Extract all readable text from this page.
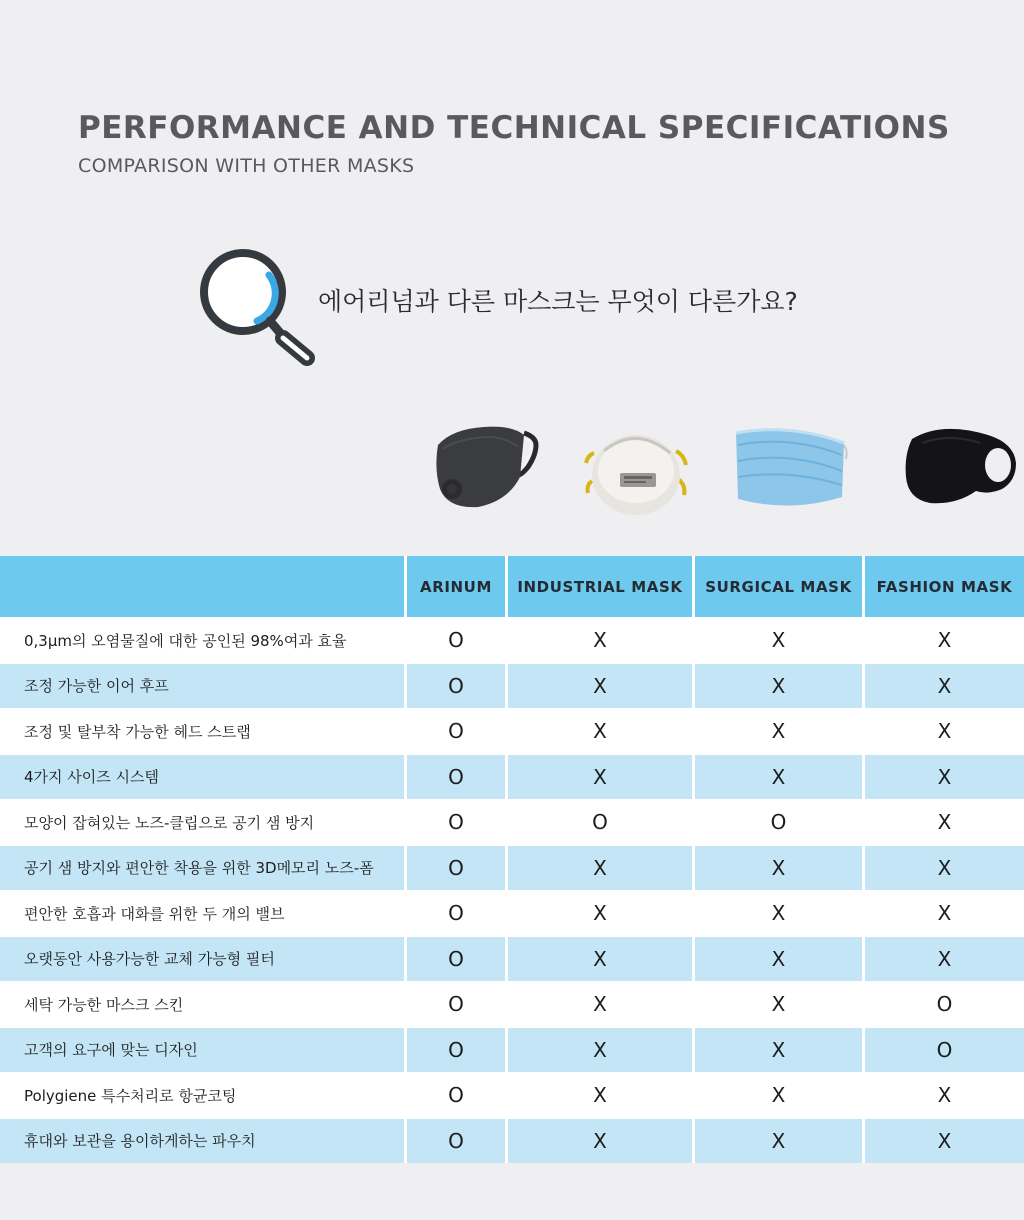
PERFORMANCE AND TECHNICAL SPECIFICATIONS

COMPARISON WITH OTHER MASKS

에어리넘과 다른 마스크는 무엇이 다른가요?
	ARINUM	INDUSTRIAL MASK	SURGICAL MASK	FASHION MASK
0,3μm의 오염물질에 대한 공인된 98%여과 효율	O	X	X	X
조정 가능한 이어 후프	O	X	X	X
조정 및 탈부착 가능한 헤드 스트랩	O	X	X	X
4가지 사이즈 시스템	O	X	X	X
모양이 잡혀있는 노즈-클립으로 공기 샘 방지	O	O	O	X
공기 샘 방지와 편안한 착용을 위한 3D메모리 노즈-폼	O	X	X	X
편안한 호흡과 대화를 위한 두 개의 밸브	O	X	X	X
오랫동안 사용가능한 교체 가능형 필터	O	X	X	X
세탁 가능한 마스크 스킨	O	X	X	O
고객의 요구에 맞는 디자인	O	X	X	O
Polygiene 특수처리로 항균코팅	O	X	X	X
휴대와 보관을 용이하게하는 파우치	O	X	X	X
